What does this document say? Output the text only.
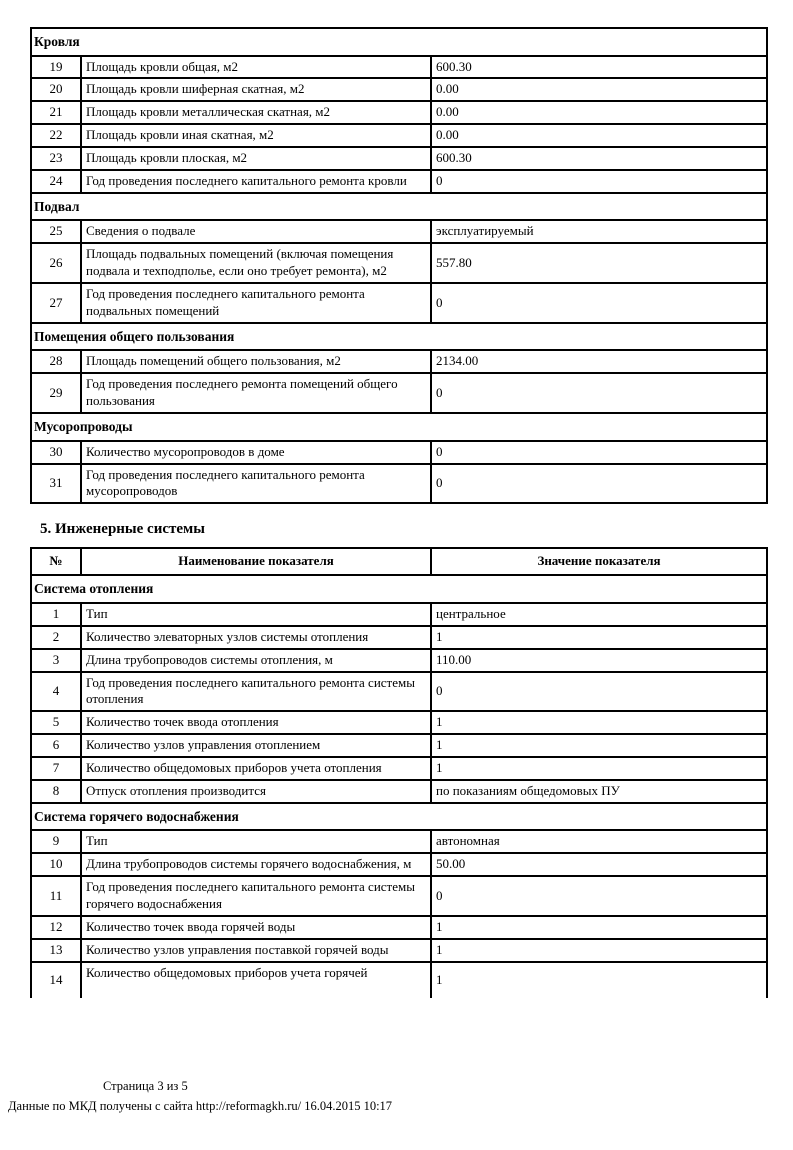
Кровля		
19	Площадь кровли общая, м2	600.30
20	Площадь кровли шиферная скатная, м2	0.00
21	Площадь кровли металлическая скатная, м2	0.00
22	Площадь кровли иная скатная, м2	0.00
23	Площадь кровли плоская, м2	600.30
24	Год проведения последнего капитального ремонта кровли	0
Подвал		
25	Сведения о подвале	эксплуатируемый
26	Площадь подвальных помещений (включая помещения подвала и техподполье, если оно требует ремонта), м2	557.80
27	Год проведения последнего капитального ремонта подвальных помещений	0
Помещения общего пользования		
28	Площадь помещений общего пользования, м2	2134.00
29	Год проведения последнего ремонта помещений общего пользования	0
Мусоропроводы		
30	Количество мусоропроводов в доме	0
31	Год проведения последнего капитального ремонта мусоропроводов	0
5. Инженерные системы
№	Наименование показателя	Значение показателя
Система отопления		
1	Тип	центральное
2	Количество элеваторных узлов системы отопления	1
3	Длина трубопроводов системы отопления, м	110.00
4	Год проведения последнего капитального ремонта системы отопления	0
5	Количество точек ввода отопления	1
6	Количество узлов управления отоплением	1
7	Количество общедомовых приборов учета отопления	1
8	Отпуск отопления производится	по показаниям общедомовых ПУ
Система горячего водоснабжения		
9	Тип	автономная
10	Длина трубопроводов системы горячего водоснабжения, м	50.00
11	Год проведения последнего капитального ремонта системы горячего водоснабжения	0
12	Количество точек ввода горячей воды	1
13	Количество узлов управления поставкой горячей воды	1
14	Количество общедомовых приборов учета горячей	1
Страница 3 из 5
Данные по МКД получены с сайта http://reformagkh.ru/ 16.04.2015 10:17
